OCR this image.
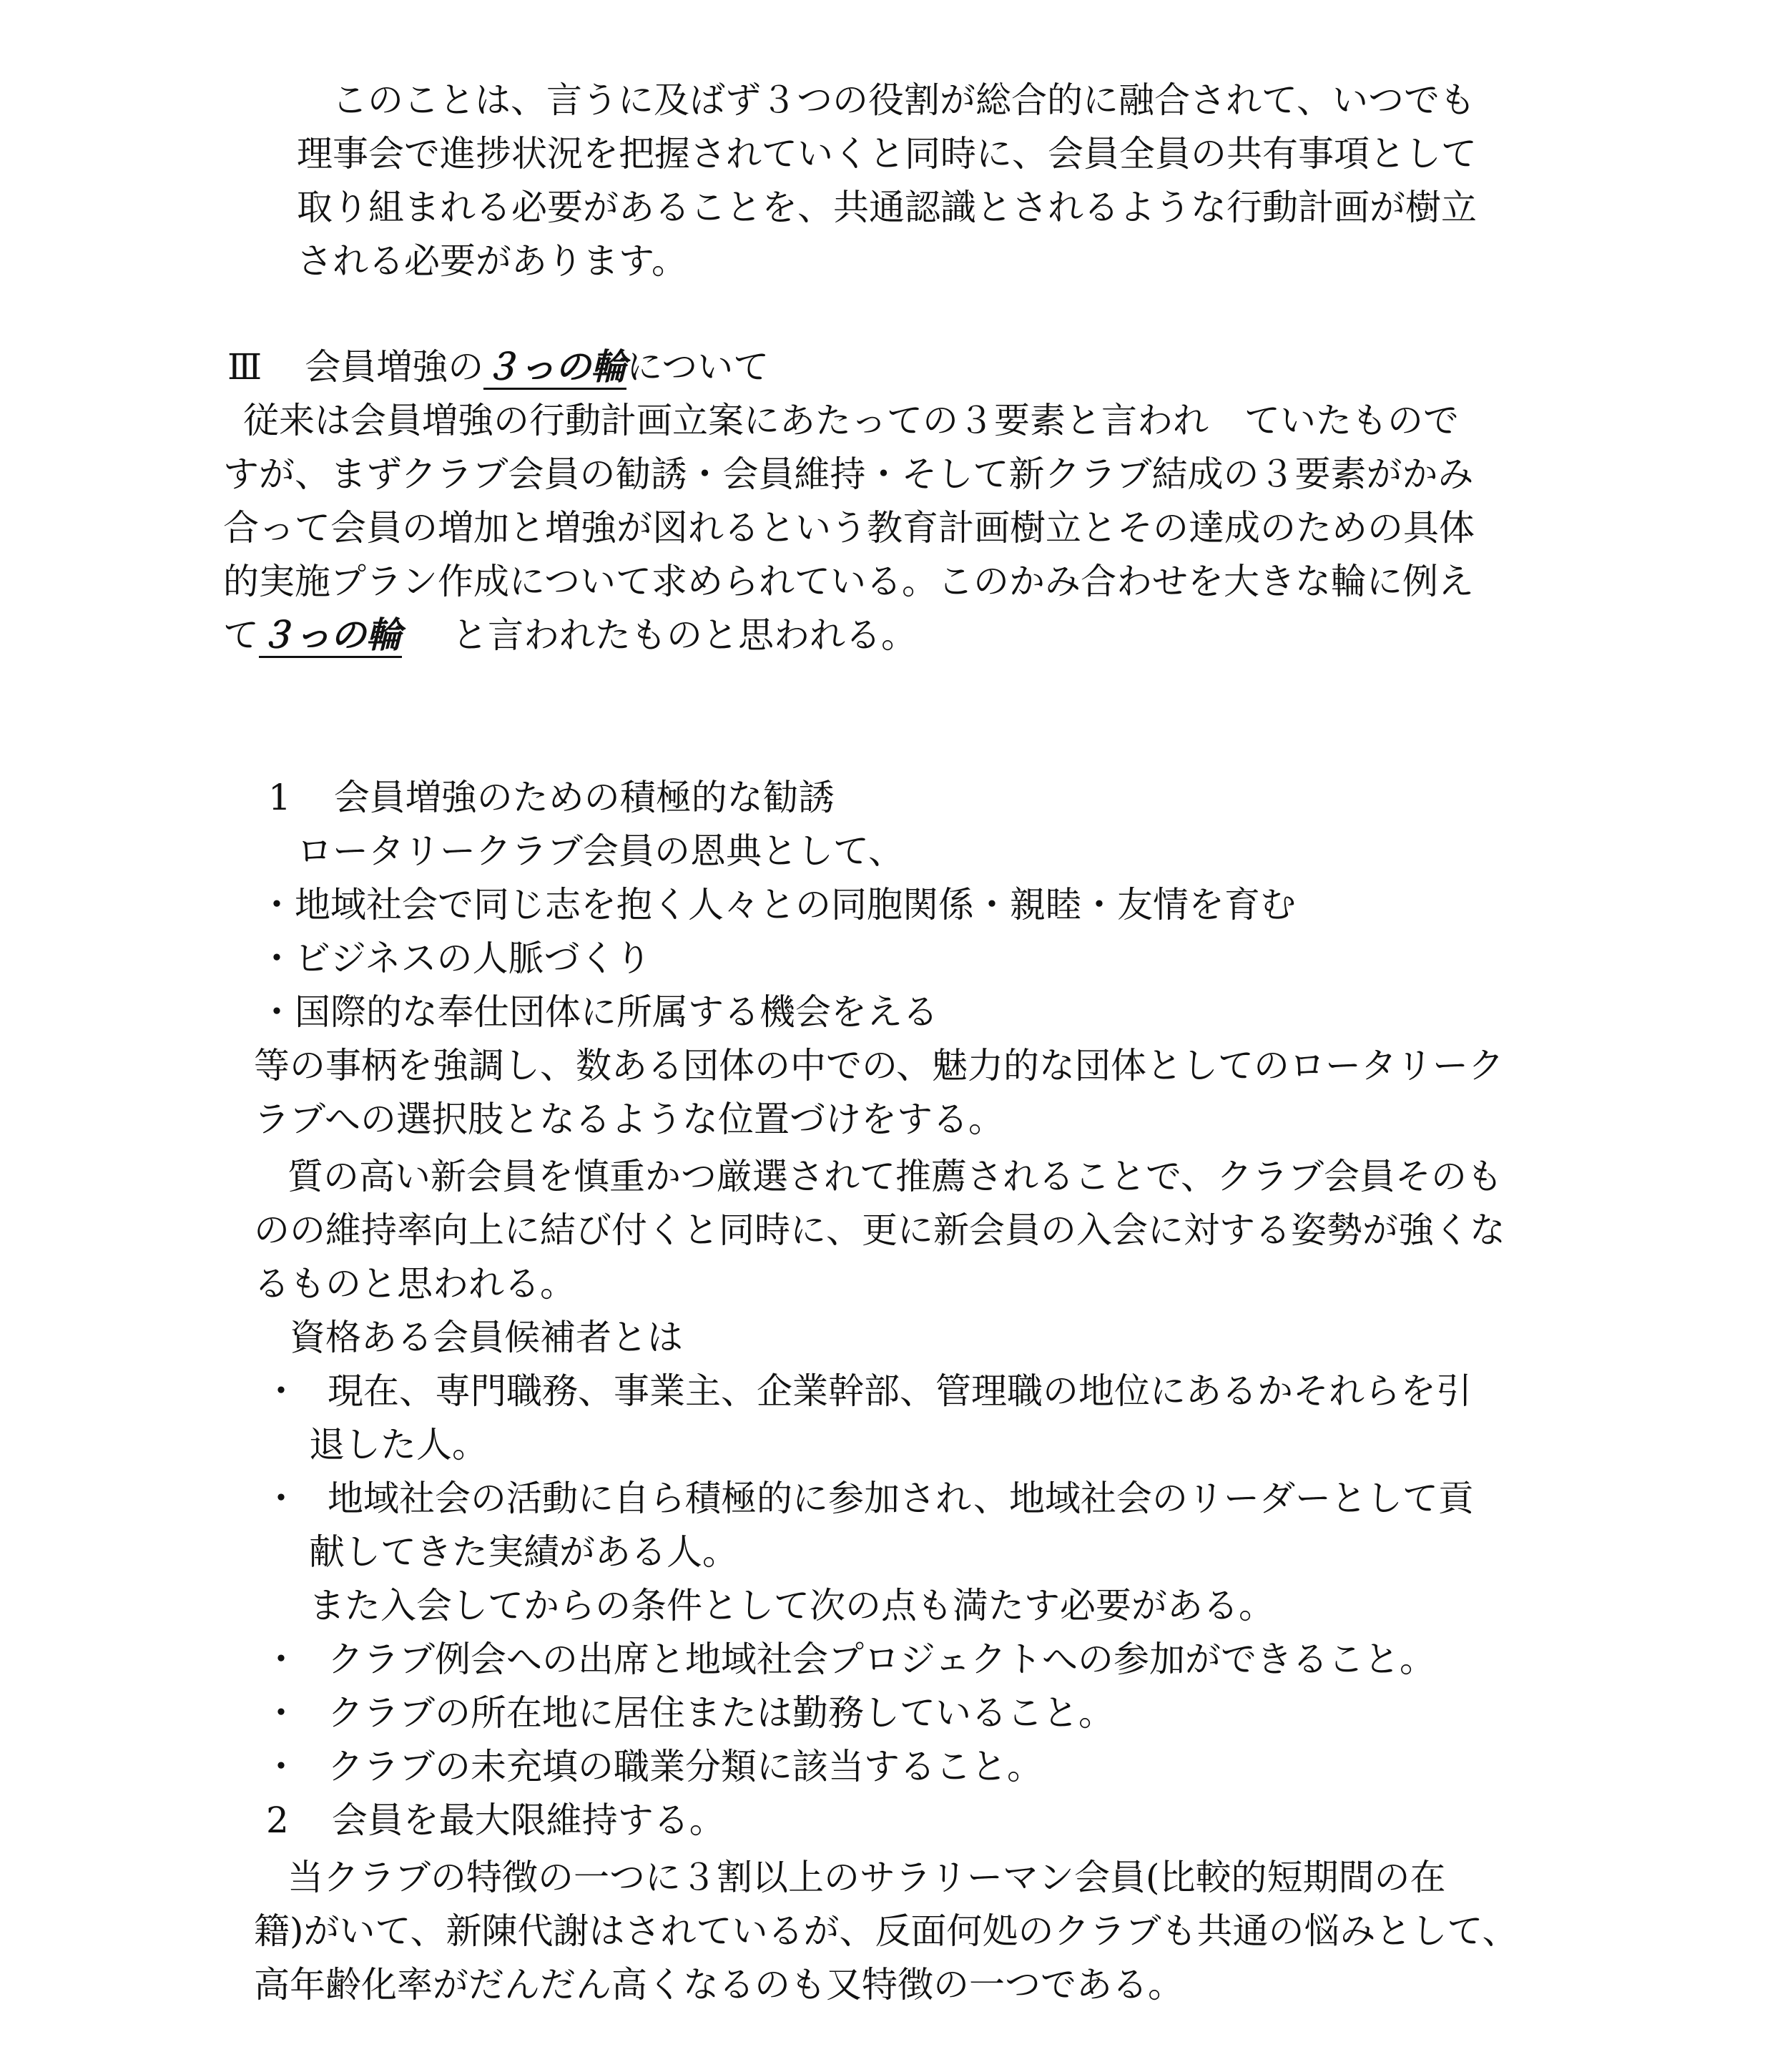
このことは、言うに及ばず３つの役割が総合的に融合されて、いつでも
理事会で進捗状況を把握されていくと同時に、会員全員の共有事項として
取り組まれる必要があることを、共通認識とされるような行動計画が樹立
される必要があります。
Ⅲ 会員増強の３っの輪について
従来は会員増強の行動計画立案にあたっての３要素と言われ　ていたもので
すが、まずクラブ会員の勧誘・会員維持・そして新クラブ結成の３要素がかみ
合って会員の増加と増強が図れるという教育計画樹立とその達成のための具体
的実施プラン作成について求められている。このかみ合わせを大きな輪に例え
て３っの輪 と言われたものと思われる。
1 会員増強のための積極的な勧誘
ロータリークラブ会員の恩典として、
・地域社会で同じ志を抱く人々との同胞関係・親睦・友情を育む
・ビジネスの人脈づくり
・国際的な奉仕団体に所属する機会をえる
等の事柄を強調し、数ある団体の中での、魅力的な団体としてのロータリーク
ラブへの選択肢となるような位置づけをする。
質の高い新会員を慎重かつ厳選されて推薦されることで、クラブ会員そのも
のの維持率向上に結び付くと同時に、更に新会員の入会に対する姿勢が強くな
るものと思われる。
資格ある会員候補者とは
・ 現在、専門職務、事業主、企業幹部、管理職の地位にあるかそれらを引
退した人。
・ 地域社会の活動に自ら積極的に参加され、地域社会のリーダーとして貢
献してきた実績がある人。
また入会してからの条件として次の点も満たす必要がある。
・ クラブ例会への出席と地域社会プロジェクトへの参加ができること。
・ クラブの所在地に居住または勤務していること。
・ クラブの未充填の職業分類に該当すること。
2 会員を最大限維持する。
当クラブの特徴の一つに３割以上のサラリーマン会員(比較的短期間の在
籍)がいて、新陳代謝はされているが、反面何処のクラブも共通の悩みとして、
高年齢化率がだんだん高くなるのも又特徴の一つである。
